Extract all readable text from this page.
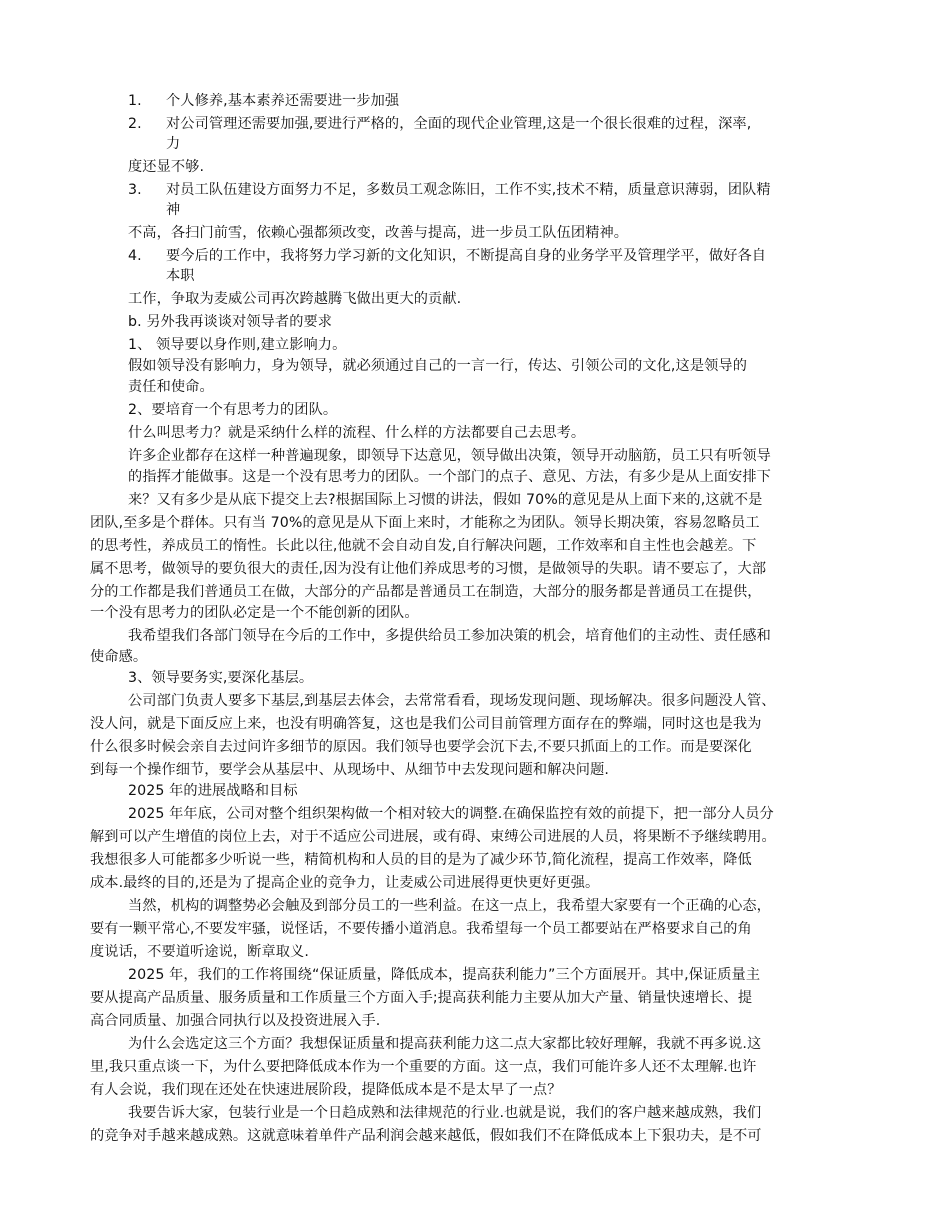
1. 个人修养,基本素养还需要进一步加强
2. 对公司管理还需要加强,要进行严格的，全面的现代企业管理,这是一个很长很难的过程，深率,
力
度还显不够.
3. 对员工队伍建设方面努力不足，多数员工观念陈旧，工作不实,技术不精，质量意识薄弱，团队精
神
不高，各扫门前雪，依赖心强都须改变，改善与提高，进一步员工队伍团精神。
4. 要今后的工作中，我将努力学习新的文化知识，不断提高自身的业务学平及管理学平，做好各自
本职
工作，争取为麦威公司再次跨越腾飞做出更大的贡献.
b. 另外我再谈谈对领导者的要求
1、 领导要以身作则,建立影响力。
假如领导没有影响力，身为领导，就必须通过自己的一言一行，传达、引领公司的文化,这是领导的
责任和使命。
2、要培育一个有思考力的团队。
什么叫思考力？就是采纳什么样的流程、什么样的方法都要自己去思考。
许多企业都存在这样一种普遍现象，即领导下达意见，领导做出决策，领导开动脑筋，员工只有听领导
的指挥才能做事。这是一个没有思考力的团队。一个部门的点子、意见、方法，有多少是从上面安排下
来？又有多少是从底下提交上去?根据国际上习惯的讲法，假如 70%的意见是从上面下来的,这就不是
团队,至多是个群体。只有当 70%的意见是从下面上来时，才能称之为团队。领导长期决策，容易忽略员工
的思考性，养成员工的惰性。长此以往,他就不会自动自发,自行解决问题，工作效率和自主性也会越差。下
属不思考，做领导的要负很大的责任,因为没有让他们养成思考的习惯，是做领导的失职。请不要忘了，大部
分的工作都是我们普通员工在做，大部分的产品都是普通员工在制造，大部分的服务都是普通员工在提供，
一个没有思考力的团队必定是一个不能创新的团队。
我希望我们各部门领导在今后的工作中，多提供给员工参加决策的机会，培育他们的主动性、责任感和
使命感。
3、领导要务实,要深化基层。
公司部门负责人要多下基层,到基层去体会，去常常看看，现场发现问题、现场解决。很多问题没人管、
没人问，就是下面反应上来，也没有明确答复，这也是我们公司目前管理方面存在的弊端，同时这也是我为
什么很多时候会亲自去过问许多细节的原因。我们领导也要学会沉下去,不要只抓面上的工作。而是要深化
到每一个操作细节，要学会从基层中、从现场中、从细节中去发现问题和解决问题.
2025 年的进展战略和目标
2025 年年底，公司对整个组织架构做一个相对较大的调整.在确保监控有效的前提下，把一部分人员分
解到可以产生增值的岗位上去，对于不适应公司进展，或有碍、束缚公司进展的人员，将果断不予继续聘用。
我想很多人可能都多少听说一些，精简机构和人员的目的是为了减少环节,简化流程，提高工作效率，降低
成本.最终的目的,还是为了提高企业的竞争力，让麦威公司进展得更快更好更强。
当然，机构的调整势必会触及到部分员工的一些利益。在这一点上，我希望大家要有一个正确的心态，
要有一颗平常心,不要发牢骚，说怪话，不要传播小道消息。我希望每一个员工都要站在严格要求自己的角
度说话，不要道听途说，断章取义.
2025 年，我们的工作将围绕“保证质量，降低成本，提高获利能力”三个方面展开。其中,保证质量主
要从提高产品质量、服务质量和工作质量三个方面入手;提高获利能力主要从加大产量、销量快速增长、提
高合同质量、加强合同执行以及投资进展入手.
为什么会选定这三个方面？我想保证质量和提高获利能力这二点大家都比较好理解，我就不再多说.这
里,我只重点谈一下，为什么要把降低成本作为一个重要的方面。这一点，我们可能许多人还不太理解.也许
有人会说，我们现在还处在快速进展阶段，提降低成本是不是太早了一点？
我要告诉大家，包装行业是一个日趋成熟和法律规范的行业.也就是说，我们的客户越来越成熟，我们
的竞争对手越来越成熟。这就意味着单件产品利润会越来越低，假如我们不在降低成本上下狠功夫，是不可
